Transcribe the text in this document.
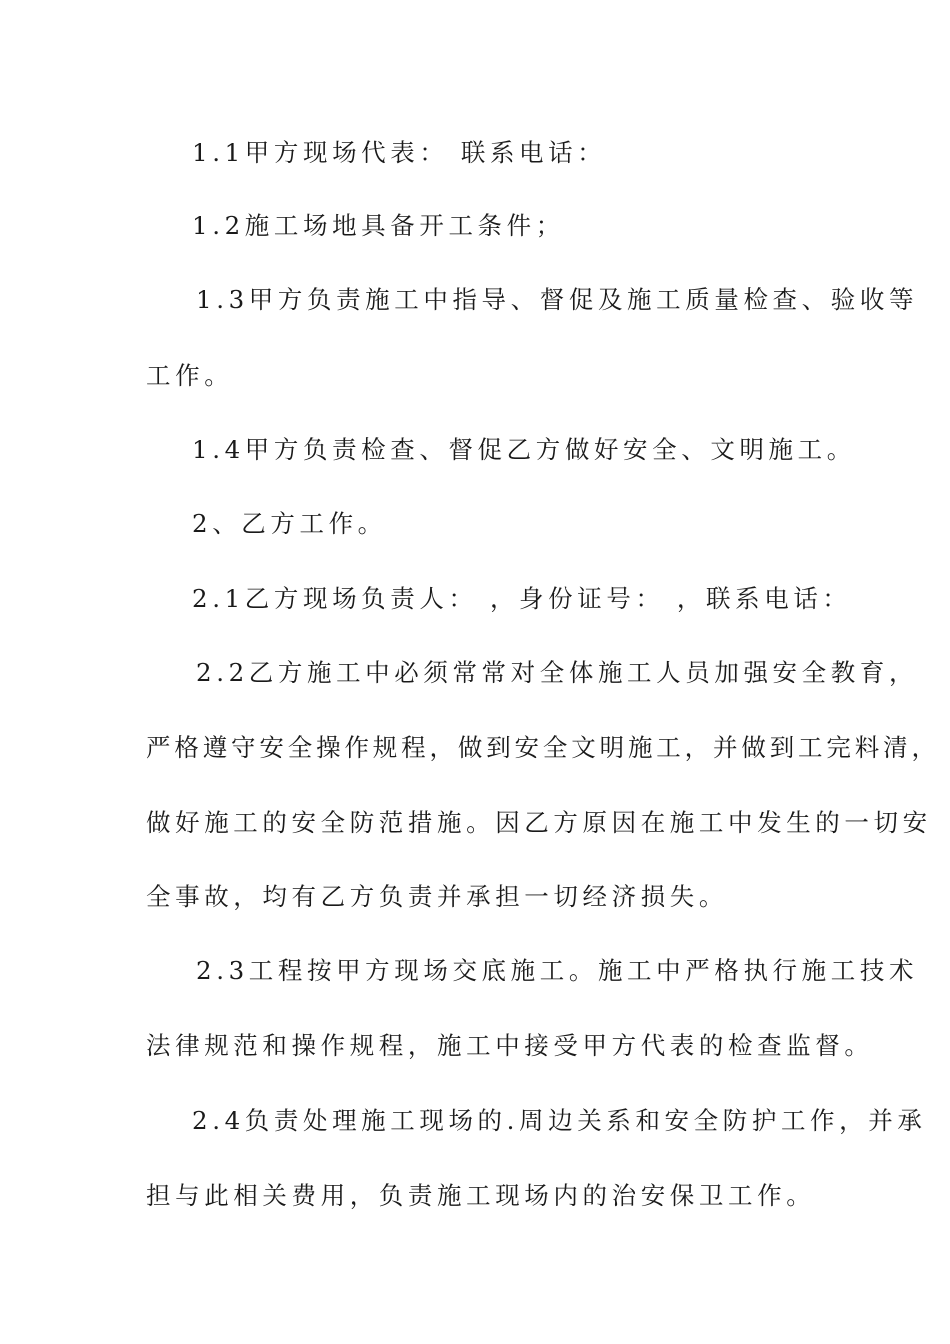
1.1甲方现场代表： 联系电话：
1.2施工场地具备开工条件；
1.3甲方负责施工中指导、督促及施工质量检查、验收等
工作。
1.4甲方负责检查、督促乙方做好安全、文明施工。
2、乙方工作。
2.1乙方现场负责人： ，身份证号： ，联系电话：
2.2乙方施工中必须常常对全体施工人员加强安全教育，
严格遵守安全操作规程，做到安全文明施工，并做到工完料清，
做好施工的安全防范措施。因乙方原因在施工中发生的一切安
全事故，均有乙方负责并承担一切经济损失。
2.3工程按甲方现场交底施工。施工中严格执行施工技术
法律规范和操作规程，施工中接受甲方代表的检查监督。
2.4负责处理施工现场的.周边关系和安全防护工作，并承
担与此相关费用，负责施工现场内的治安保卫工作。
